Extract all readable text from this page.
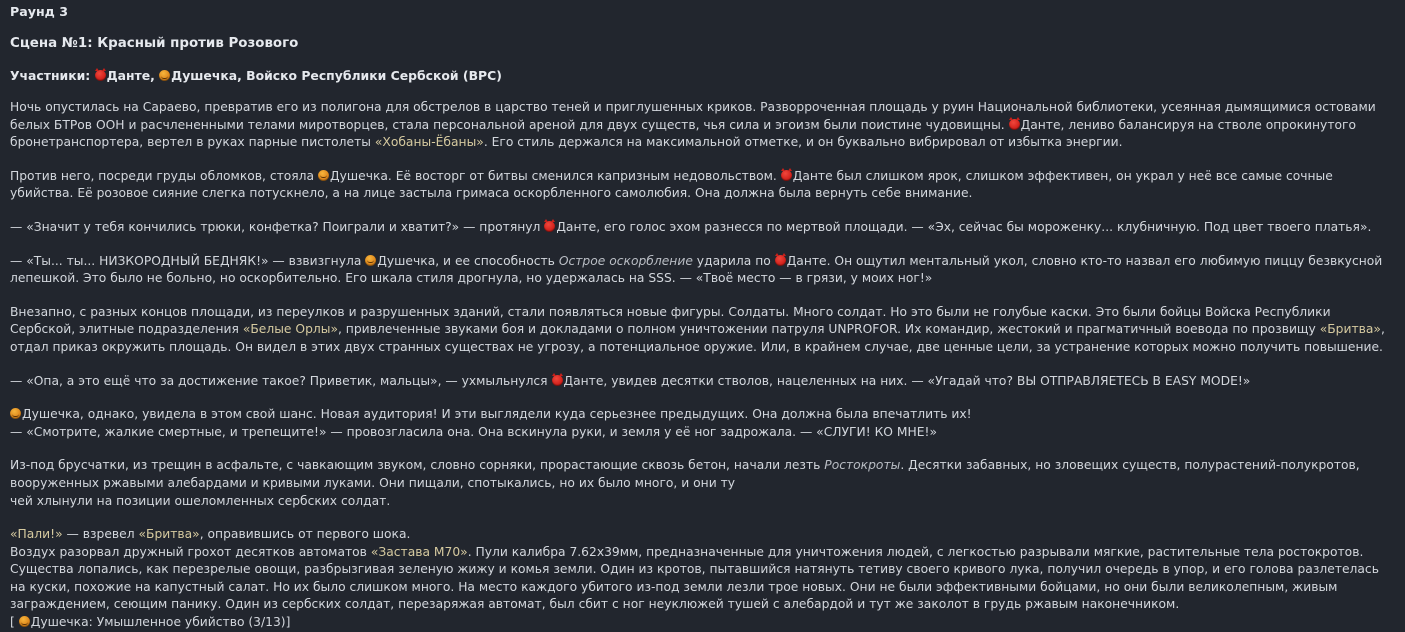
Раунд 3
Сцена №1: Красный против Розового
Участники: Данте, Душечка, Войско Республики Сербской (ВРС)

Ночь опустилась на Сараево, превратив его из полигона для обстрелов в царство теней и приглушенных криков. Разворроченная площадь у руин Национальной библиотеки, усеянная дымящимися остовами белых БТРов ООН и расчлененными телами миротворцев, стала персональной ареной для двух существ, чья сила и эгоизм были поистине чудовищны. Данте, лениво балансируя на стволе опрокинутого бронетранспортера, вертел в руках парные пистолеты «Хобаны-Ёбаны». Его стиль держался на максимальной отметке, и он буквально вибрировал от избытка энергии.

Против него, посреди груды обломков, стояла Душечка. Её восторг от битвы сменился капризным недовольством. Данте был слишком ярок, слишком эффективен, он украл у неё все самые сочные убийства. Её розовое сияние слегка потускнело, а на лице застыла гримаса оскорбленного самолюбия. Она должна была вернуть себе внимание.

— «Значит у тебя кончились трюки, конфетка? Поиграли и хватит?» — протянул Данте, его голос эхом разнесся по мертвой площади. — «Эх, сейчас бы мороженку... клубничную. Под цвет твоего платья».

— «Ты... ты... НИЗКОРОДНЫЙ БЕДНЯК!» — взвизгнула Душечка, и ее способность Острое оскорбление ударила по Данте. Он ощутил ментальный укол, словно кто-то назвал его любимую пиццу безвкусной лепешкой. Это было не больно, но оскорбительно. Его шкала стиля дрогнула, но удержалась на SSS. — «Твоё место — в грязи, у моих ног!»

Внезапно, с разных концов площади, из переулков и разрушенных зданий, стали появляться новые фигуры. Солдаты. Много солдат. Но это были не голубые каски. Это были бойцы Войска Республики Сербской, элитные подразделения «Белые Орлы», привлеченные звуками боя и докладами о полном уничтожении патруля UNPROFOR. Их командир, жестокий и прагматичный воевода по прозвищу «Бритва», отдал приказ окружить площадь. Он видел в этих двух странных существах не угрозу, а потенциальное оружие. Или, в крайнем случае, две ценные цели, за устранение которых можно получить повышение.

— «Опа, а это ещё что за достижение такое? Приветик, мальцы», — ухмыльнулся Данте, увидев десятки стволов, нацеленных на них. — «Угадай что? ВЫ ОТПРАВЛЯЕТЕСЬ В EASY MODE!»

Душечка, однако, увидела в этом свой шанс. Новая аудитория! И эти выглядели куда серьезнее предыдущих. Она должна была впечатлить их!

— «Смотрите, жалкие смертные, и трепещите!» — провозгласила она. Она вскинула руки, и земля у её ног задрожала. — «СЛУГИ! КО МНЕ!»

Из-под брусчатки, из трещин в асфальте, с чавкающим звуком, словно сорняки, прорастающие сквозь бетон, начали лезть Ростокроты. Десятки забавных, но зловещих существ, полурастений-полукротов, вооруженных ржавыми алебардами и кривыми луками. Они пищали, спотыкались, но их было много, и они ту

чей хлынули на позиции ошеломленных сербских солдат.

«Пали!» — взревел «Бритва», оправившись от первого шока.

Воздух разорвал дружный грохот десятков автоматов «Застава М70». Пули калибра 7.62х39мм, предназначенные для уничтожения людей, с легкостью разрывали мягкие, растительные тела ростокротов. Существа лопались, как перезрелые овощи, разбрызгивая зеленую жижу и комья земли. Один из кротов, пытавшийся натянуть тетиву своего кривого лука, получил очередь в упор, и его голова разлетелась на куски, похожие на капустный салат. Но их было слишком много. На место каждого убитого из-под земли лезли трое новых. Они не были эффективными бойцами, но они были великолепным, живым заграждением, сеющим панику. Один из сербских солдат, перезаряжая автомат, был сбит с ног неуклюжей тушей с алебардой и тут же заколот в грудь ржавым наконечником.

[ Душечка: Умышленное убийство (3/13)]
